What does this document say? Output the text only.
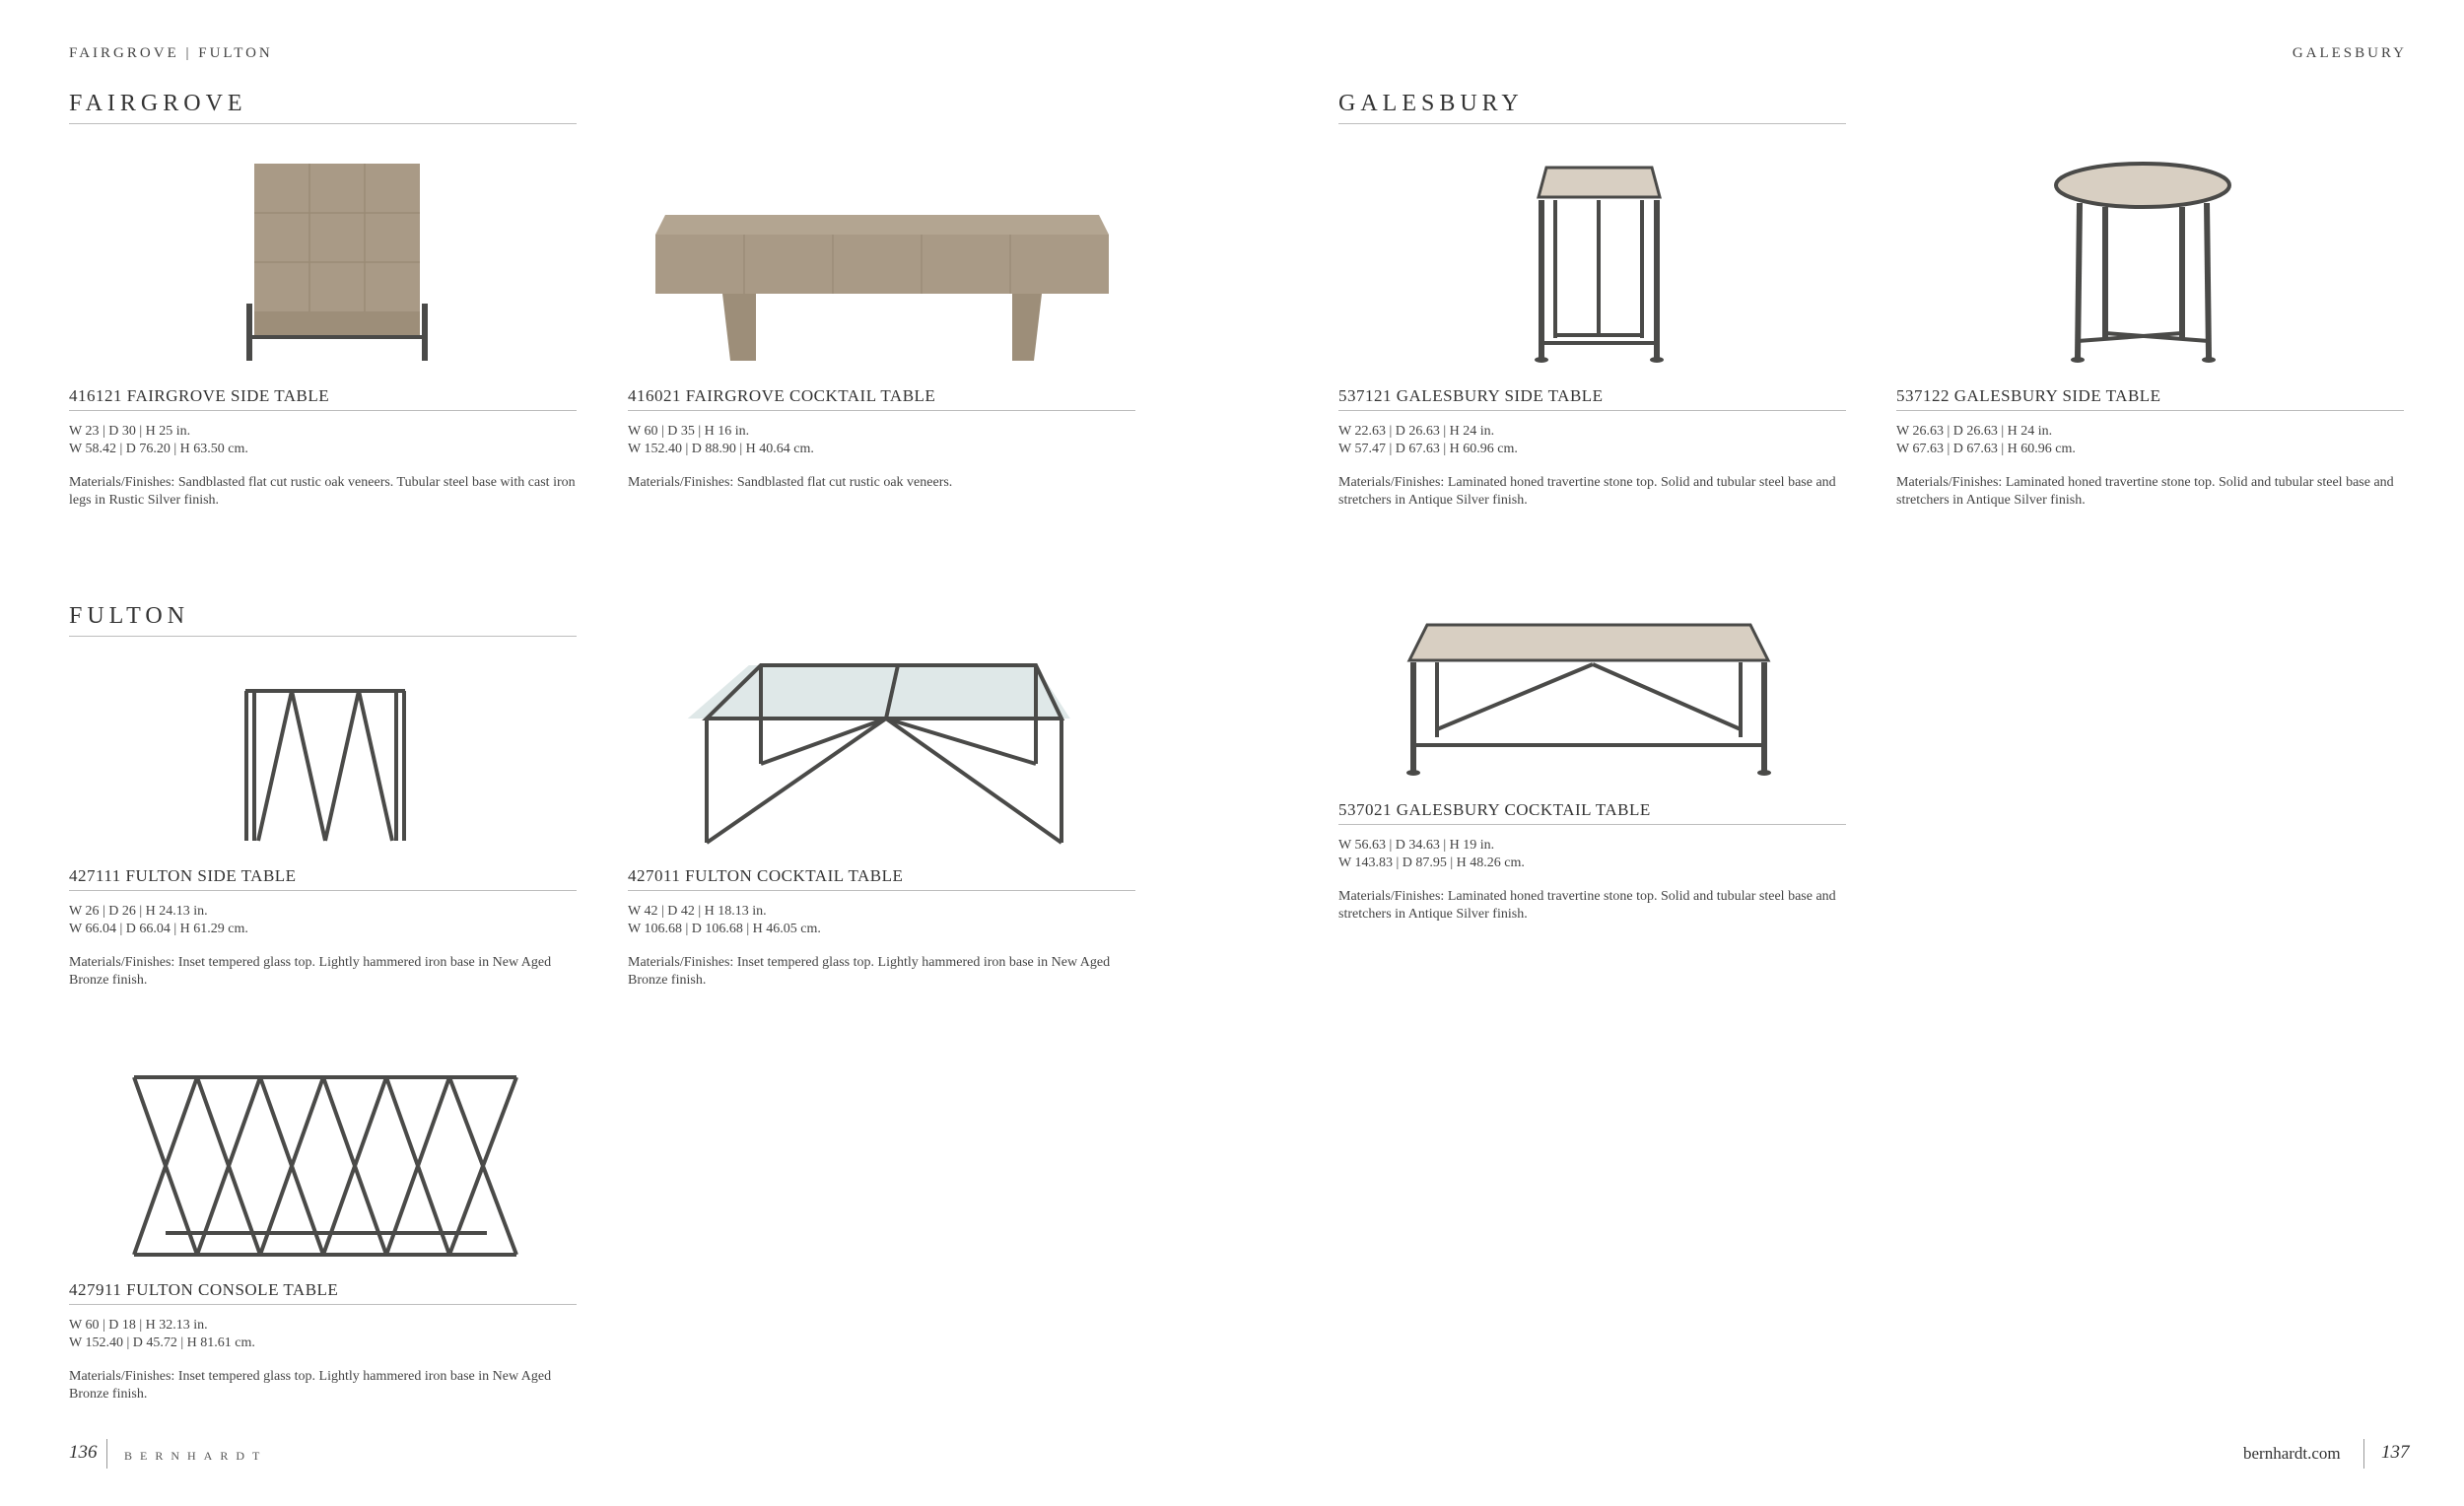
FAIRGROVE | FULTON	GALESBURY
FAIRGROVE
FULTON
GALESBURY
416121 FAIRGROVE SIDE TABLE
W 23 | D 30 | H 25 in.
W 58.42 | D 76.20 | H 63.50 cm.
Materials/Finishes: Sandblasted flat cut rustic oak veneers. Tubular steel base with cast iron legs in Rustic Silver finish.
416021 FAIRGROVE COCKTAIL TABLE
W 60 | D 35 | H 16 in.
W 152.40 | D 88.90 | H 40.64 cm.
Materials/Finishes: Sandblasted flat cut rustic oak veneers.
537121 GALESBURY SIDE TABLE
W 22.63 | D 26.63 | H 24 in.
W 57.47 | D 67.63 | H 60.96 cm.
Materials/Finishes: Laminated honed travertine stone top. Solid and tubular steel base and stretchers in Antique Silver finish.
537122 GALESBURY SIDE TABLE
W 26.63 | D 26.63 | H 24 in.
W 67.63 | D 67.63 | H 60.96 cm.
Materials/Finishes: Laminated honed travertine stone top. Solid and tubular steel base and stretchers in Antique Silver finish.
427111 FULTON SIDE TABLE
W 26 | D 26 | H 24.13 in.
W 66.04 | D 66.04 | H 61.29 cm.
Materials/Finishes: Inset tempered glass top. Lightly hammered iron base in New Aged Bronze finish.
427011 FULTON COCKTAIL TABLE
W 42 | D 42 | H 18.13 in.
W 106.68 | D 106.68 | H 46.05 cm.
Materials/Finishes: Inset tempered glass top. Lightly hammered iron base in New Aged Bronze finish.
427911 FULTON CONSOLE TABLE
W 60 | D 18 | H 32.13 in.
W 152.40 | D 45.72 | H 81.61 cm.
Materials/Finishes: Inset tempered glass top. Lightly hammered iron base in New Aged Bronze finish.
537021 GALESBURY COCKTAIL TABLE
W 56.63 | D 34.63 | H 19 in.
W 143.83 | D 87.95 | H 48.26 cm.
Materials/Finishes: Laminated honed travertine stone top. Solid and tubular steel base and stretchers in Antique Silver finish.
136 BERNHARDT	bernhardt.com 137
